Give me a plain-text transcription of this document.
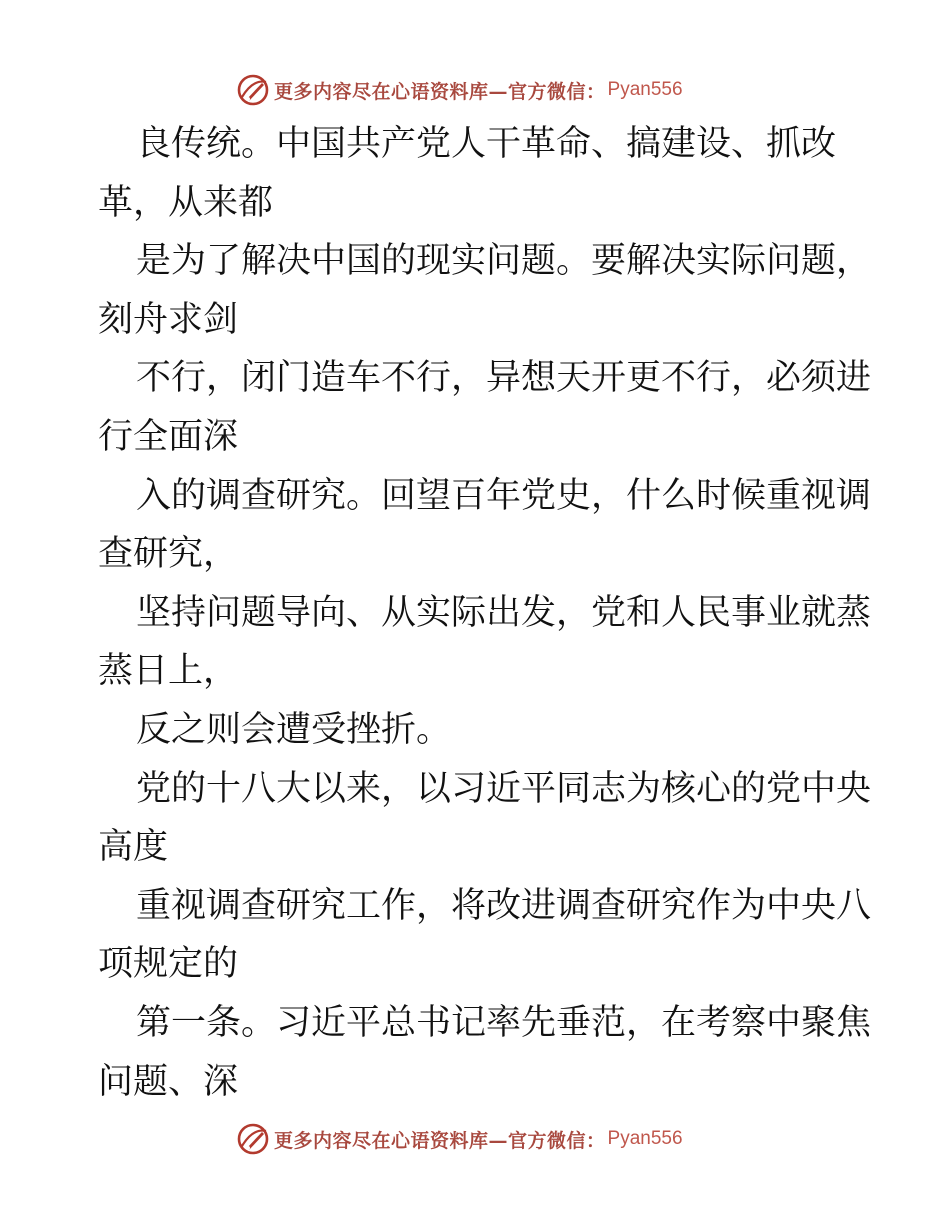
更多内容尽在心语资料库—官方微信： Pyan556
良传统。中国共产党人干革命、搞建设、抓改
革，从来都
是为了解决中国的现实问题。要解决实际问题，
刻舟求剑
不行，闭门造车不行，异想天开更不行，必须进
行全面深
入的调查研究。回望百年党史，什么时候重视调
查研究，
坚持问题导向、从实际出发，党和人民事业就蒸
蒸日上，
反之则会遭受挫折。
党的十八大以来，以习近平同志为核心的党中央
高度
重视调查研究工作，将改进调查研究作为中央八
项规定的
第一条。习近平总书记率先垂范，在考察中聚焦
问题、深
更多内容尽在心语资料库—官方微信： Pyan556
